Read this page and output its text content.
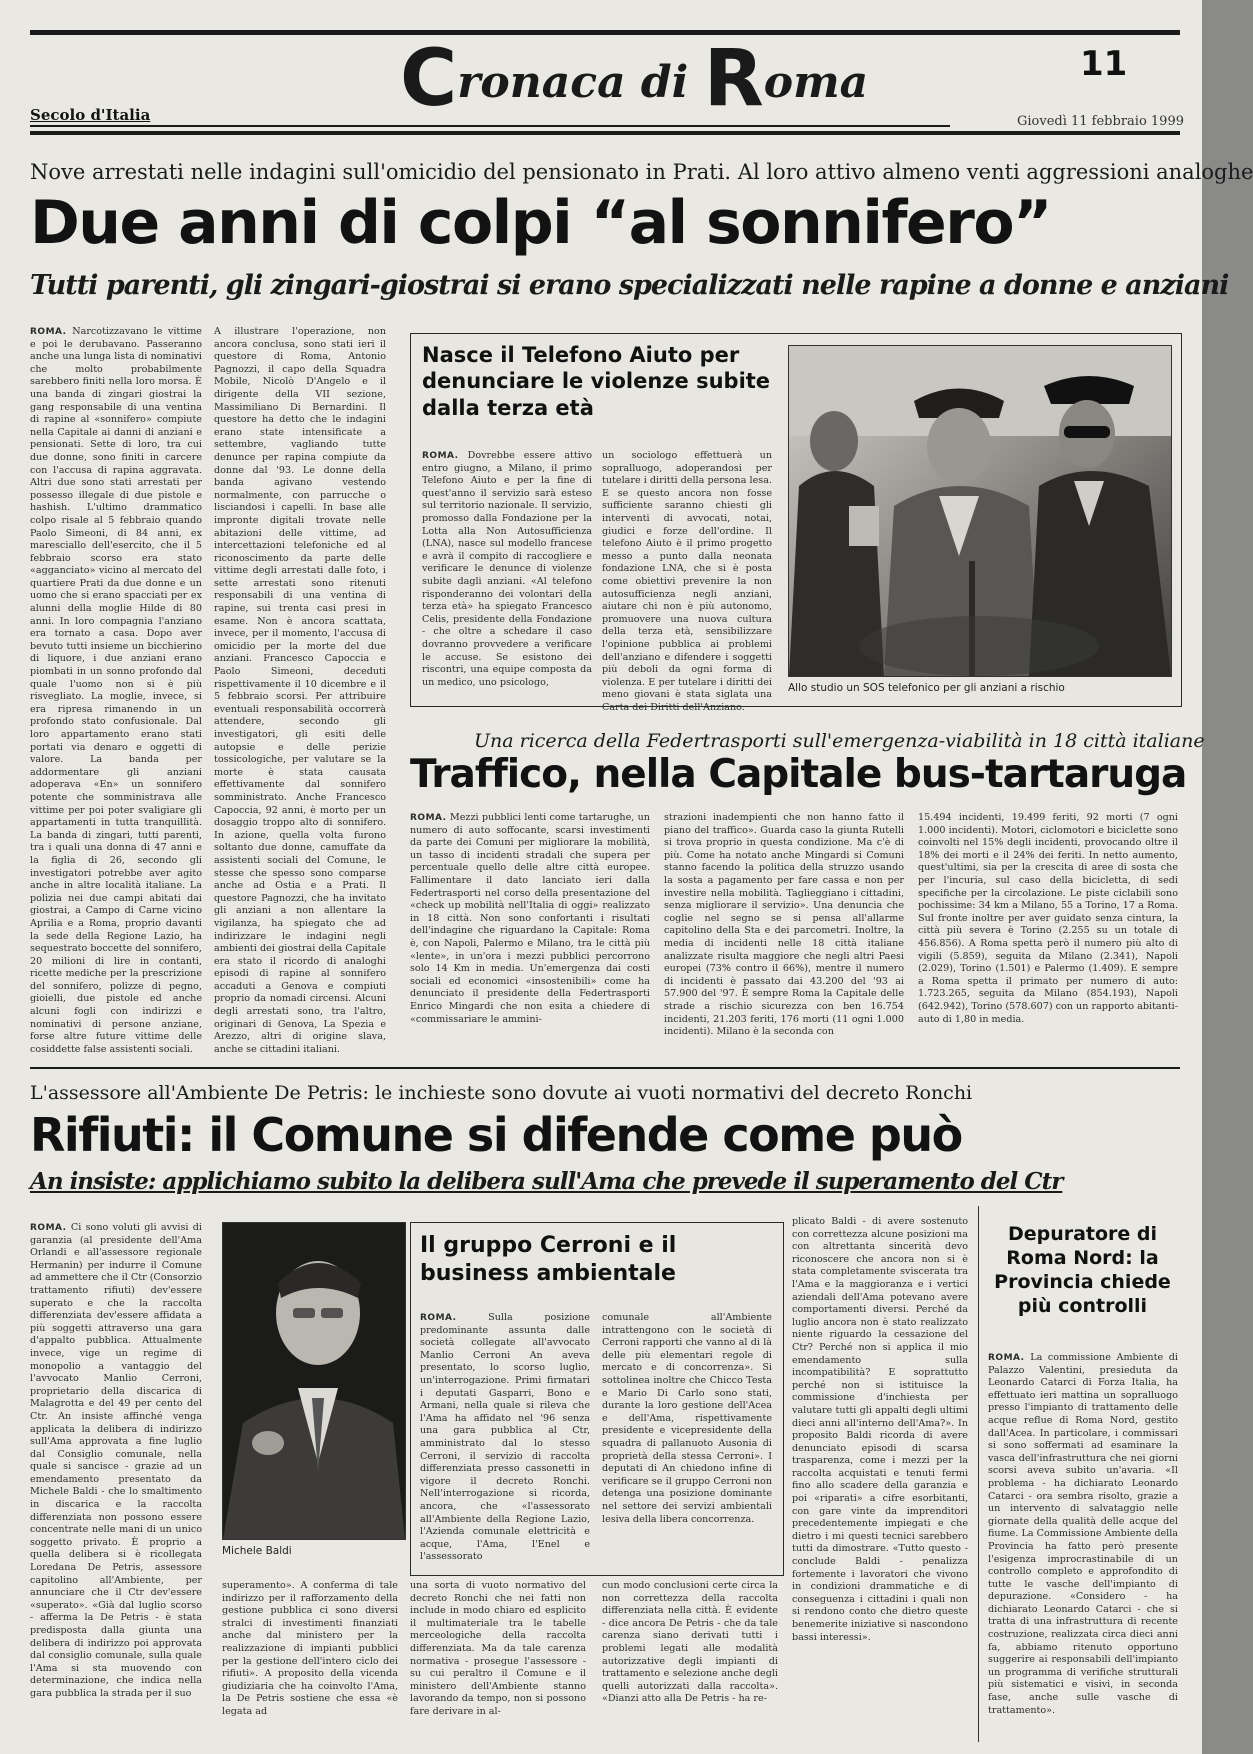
Cronaca di Roma	11
Secolo d'Italia	Giovedì 11 febbraio 1999
Nove arrestati nelle indagini sull'omicidio del pensionato in Prati. Al loro attivo almeno venti aggressioni analoghe
Due anni di colpi “al sonnifero”
Tutti parenti, gli zingari-giostrai si erano specializzati nelle rapine a donne e anziani
ROMA. Narcotizzavano le vittime e poi le derubavano. Passeranno anche una lunga lista di nominativi che molto probabilmente sarebbero finiti nella loro morsa. È una banda di zingari giostrai la gang responsabile di una ventina di rapine al «sonnifero» compiute nella Capitale ai danni di anziani e pensionati. Sette di loro, tra cui due donne, sono finiti in carcere con l'accusa di rapina aggravata. Altri due sono stati arrestati per possesso illegale di due pistole e hashish. L'ultimo drammatico colpo risale al 5 febbraio quando Paolo Simeoni, di 84 anni, ex maresciallo dell'esercito, che il 5 febbraio scorso era stato «agganciato» vicino al mercato del quartiere Prati da due donne e un uomo che si erano spacciati per ex alunni della moglie Hilde di 80 anni. In loro compagnia l'anziano era tornato a casa. Dopo aver bevuto tutti insieme un bicchierino di liquore, i due anziani erano piombati in un sonno profondo dal quale l'uomo non si è più risvegliato. La moglie, invece, si era ripresa rimanendo in un profondo stato confusionale. Dal loro appartamento erano stati portati via denaro e oggetti di valore. La banda per addormentare gli anziani adoperava «En» un sonnifero potente che somministrava alle vittime per poi poter svaligiare gli appartamenti in tutta tranquillità. La banda di zingari, tutti parenti, tra i quali una donna di 47 anni e la figlia di 26, secondo gli investigatori potrebbe aver agito anche in altre località italiane. La polizia nei due campi abitati dai giostrai, a Campo di Carne vicino Aprilia e a Roma, proprio davanti la sede della Regione Lazio, ha sequestrato boccette del sonnifero, 20 milioni di lire in contanti, ricette mediche per la prescrizione del sonnifero, polizze di pegno, gioielli, due pistole ed anche alcuni fogli con indirizzi e nominativi di persone anziane, forse altre future vittime delle cosiddette false assistenti sociali.
A illustrare l'operazione, non ancora conclusa, sono stati ieri il questore di Roma, Antonio Pagnozzi, il capo della Squadra Mobile, Nicolò D'Angelo e il dirigente della VII sezione, Massimiliano Di Bernardini. Il questore ha detto che le indagini erano state intensificate a settembre, vagliando tutte denunce per rapina compiute da donne dal '93. Le donne della banda agivano vestendo normalmente, con parrucche o lisciandosi i capelli. In base alle impronte digitali trovate nelle abitazioni delle vittime, ad intercettazioni telefoniche ed al riconoscimento da parte delle vittime degli arrestati dalle foto, i sette arrestati sono ritenuti responsabili di una ventina di rapine, sui trenta casi presi in esame. Non è ancora scattata, invece, per il momento, l'accusa di omicidio per la morte del due anziani. Francesco Capoccia e Paolo Simeoni, deceduti rispettivamente il 10 dicembre e il 5 febbraio scorsi. Per attribuire eventuali responsabilità occorrerà attendere, secondo gli investigatori, gli esiti delle autopsie e delle perizie tossicologiche, per valutare se la morte è stata causata effettivamente dal sonnifero somministrato. Anche Francesco Capoccia, 92 anni, è morto per un dosaggio troppo alto di sonnifero. In azione, quella volta furono soltanto due donne, camuffate da assistenti sociali del Comune, le stesse che spesso sono comparse anche ad Ostia e a Prati. Il questore Pagnozzi, che ha invitato gli anziani a non allentare la vigilanza, ha spiegato che ad indirizzare le indagini negli ambienti dei giostrai della Capitale era stato il ricordo di analoghi episodi di rapine al sonnifero accaduti a Genova e compiuti proprio da nomadi circensi. Alcuni degli arrestati sono, tra l'altro, originari di Genova, La Spezia e Arezzo, altri di origine slava, anche se cittadini italiani.
Nasce il Telefono Aiuto per denunciare le violenze subite dalla terza età
ROMA. Dovrebbe essere attivo entro giugno, a Milano, il primo Telefono Aiuto e per la fine di quest'anno il servizio sarà esteso sul territorio nazionale. Il servizio, promosso dalla Fondazione per la Lotta alla Non Autosufficienza (LNA), nasce sul modello francese e avrà il compito di raccogliere e verificare le denunce di violenze subite dagli anziani. «Al telefono risponderanno dei volontari della terza età» ha spiegato Francesco Celis, presidente della Fondazione - che oltre a schedare il caso dovranno provvedere a verificare le accuse. Se esistono dei riscontri, una equipe composta da un medico, uno psicologo,
un sociologo effettuerà un sopralluogo, adoperandosi per tutelare i diritti della persona lesa. E se questo ancora non fosse sufficiente saranno chiesti gli interventi di avvocati, notai, giudici e forze dell'ordine. Il telefono Aiuto è il primo progetto messo a punto dalla neonata fondazione LNA, che si è posta come obiettivi prevenire la non autosufficienza negli anziani, aiutare chi non è più autonomo, promuovere una nuova cultura della terza età, sensibilizzare l'opinione pubblica ai problemi dell'anziano e difendere i soggetti più deboli da ogni forma di violenza. E per tutelare i diritti dei meno giovani è stata siglata una Carta dei Diritti dell'Anziano.
Allo studio un SOS telefonico per gli anziani a rischio
Una ricerca della Federtrasporti sull'emergenza-viabilità in 18 città italiane
Traffico, nella Capitale bus-tartaruga
ROMA. Mezzi pubblici lenti come tartarughe, un numero di auto soffocante, scarsi investimenti da parte dei Comuni per migliorare la mobilità, un tasso di incidenti stradali che supera per percentuale quello delle altre città europee. Fallimentare il dato lanciato ieri dalla Federtrasporti nel corso della presentazione del «check up mobilità nell'Italia di oggi» realizzato in 18 città. Non sono confortanti i risultati dell'indagine che riguardano la Capitale: Roma è, con Napoli, Palermo e Milano, tra le città più «lente», in un'ora i mezzi pubblici percorrono solo 14 Km in media. Un'emergenza dai costi sociali ed economici «insostenibili» come ha denunciato il presidente della Federtrasporti Enrico Mingardi che non esita a chiedere di «commissariare le ammini-
strazioni inadempienti che non hanno fatto il piano del traffico». Guarda caso la giunta Rutelli si trova proprio in questa condizione. Ma c'è di più. Come ha notato anche Mingardi si Comuni stanno facendo la politica della struzzo usando la sosta a pagamento per fare cassa e non per investire nella mobilità. Taglieggiano i cittadini, senza migliorare il servizio». Una denuncia che coglie nel segno se si pensa all'allarme capitolino della Sta e dei parcometri. Inoltre, la media di incidenti nelle 18 città italiane analizzate risulta maggiore che negli altri Paesi europei (73% contro il 66%), mentre il numero di incidenti è passato dai 43.200 del '93 ai 57.900 del '97. È sempre Roma la Capitale delle strade a rischio sicurezza con ben 16.754 incidenti, 21.203 feriti, 176 morti (11 ogni 1.000 incidenti). Milano è la seconda con
15.494 incidenti, 19.499 feriti, 92 morti (7 ogni 1.000 incidenti). Motori, ciclomotori e biciclette sono coinvolti nel 15% degli incidenti, provocando oltre il 18% dei morti e il 24% dei feriti. In netto aumento, quest'ultimi, sia per la crescita di aree di sosta che per l'incuria, sul caso della bicicletta, di sedi specifiche per la circolazione. Le piste ciclabili sono pochissime: 34 km a Milano, 55 a Torino, 17 a Roma. Sul fronte inoltre per aver guidato senza cintura, la città più severa è Torino (2.255 su un totale di 456.856). A Roma spetta però il numero più alto di vigili (5.859), seguita da Milano (2.341), Napoli (2.029), Torino (1.501) e Palermo (1.409). E sempre a Roma spetta il primato per numero di auto: 1.723.265, seguita da Milano (854.193), Napoli (642.942), Torino (578.607) con un rapporto abitanti-auto di 1,80 in media.
L'assessore all'Ambiente De Petris: le inchieste sono dovute ai vuoti normativi del decreto Ronchi
Rifiuti: il Comune si difende come può
An insiste: applichiamo subito la delibera sull'Ama che prevede il superamento del Ctr
ROMA. Ci sono voluti gli avvisi di garanzia (al presidente dell'Ama Orlandi e all'assessore regionale Hermanin) per indurre il Comune ad ammettere che il Ctr (Consorzio trattamento rifiuti) dev'essere superato e che la raccolta differenziata dev'essere affidata a più soggetti attraverso una gara d'appalto pubblica. Attualmente invece, vige un regime di monopolio a vantaggio del l'avvocato Manlio Cerroni, proprietario della discarica di Malagrotta e del 49 per cento del Ctr. An insiste affinché venga applicata la delibera di indirizzo sull'Ama approvata a fine luglio dal Consiglio comunale, nella quale si sancisce - grazie ad un emendamento presentato da Michele Baldi - che lo smaltimento in discarica e la raccolta differenziata non possono essere concentrate nelle mani di un unico soggetto privato. È proprio a quella delibera si è ricollegata Loredana De Petris, assessore capitolino all'Ambiente, per annunciare che il Ctr dev'essere «superato». «Già dal luglio scorso - afferma la De Petris - è stata predisposta dalla giunta una delibera di indirizzo poi approvata dal consiglio comunale, sulla quale l'Ama si sta muovendo con determinazione, che indica nella gara pubblica la strada per il suo
Michele Baldi
Il gruppo Cerroni e il business ambientale
ROMA.	Sulla posizione predominante assunta dalle società collegate all'avvocato Manlio Cerroni An aveva presentato, lo scorso luglio, un'interrogazione. Primi firmatari i deputati Gasparri, Bono e Armani, nella quale si rileva che l'Ama ha affidato nel '96 senza una gara pubblica al Ctr, amministrato dal lo stesso Cerroni, il servizio di raccolta differenziata presso cassonetti in vigore il decreto Ronchi. Nell'interrogazione si ricorda, ancora, che «l'assessorato all'Ambiente della Regione Lazio, l'Azienda comunale elettricità e acque, l'Ama, l'Enel e l'assessorato
comunale all'Ambiente intrattengono con le società di Cerroni rapporti che vanno al di là delle più elementari regole di mercato e di concorrenza». Si sottolinea inoltre che Chicco Testa e Mario Di Carlo sono stati, durante la loro gestione dell'Acea e dell'Ama, rispettivamente presidente e vicepresidente della squadra di pallanuoto Ausonia di proprietà della stessa Cerroni». I deputati di An chiedono infine di verificare se il gruppo Cerroni non detenga una posizione dominante nel settore dei servizi ambientali lesiva della libera concorrenza.
superamento». A conferma di tale indirizzo per il rafforzamento della gestione pubblica ci sono diversi stralci di investimenti finanziati anche dal ministero per la realizzazione di impianti pubblici per la gestione dell'intero ciclo dei rifiuti». A proposito della vicenda giudiziaria che ha coinvolto l'Ama, la De Petris sostiene che essa «è legata ad
una sorta di vuoto normativo del decreto Ronchi che nei fatti non include in modo chiaro ed esplicito il multimateriale tra le tabelle merceologiche della raccolta differenziata. Ma da tale carenza normativa - prosegue l'assessore - su cui peraltro il Comune e il ministero dell'Ambiente stanno lavorando da tempo, non si possono fare derivare in al-
cun modo conclusioni certe circa la non correttezza della raccolta differenziata nella città. È evidente - dice ancora De Petris - che da tale carenza siano derivati tutti i problemi legati alle modalità autorizzative degli impianti di trattamento e selezione anche degli quelli autorizzati dalla raccolta». «Dianzi atto alla De Petris - ha re-
plicato Baldi - di avere sostenuto con correttezza alcune posizioni ma con altrettanta sincerità devo riconoscere che ancora non si è stata completamente sviscerata tra l'Ama e la maggioranza e i vertici aziendali dell'Ama potevano avere comportamenti diversi. Perché da luglio ancora non è stato realizzato niente riguardo la cessazione del Ctr? Perché non si applica il mio emendamento sulla incompatibilità? E soprattutto perché non si istituisce la commissione d'inchiesta per valutare tutti gli appalti degli ultimi dieci anni all'interno dell'Ama?». In proposito Baldi ricorda di avere denunciato episodi di scarsa trasparenza, come i mezzi per la raccolta acquistati e tenuti fermi fino allo scadere della garanzia e poi «riparati» a cifre esorbitanti, con gare vinte da imprenditori precedentemente impiegati e che dietro i mi questi tecnici sarebbero tutti da dimostrare. «Tutto questo - conclude Baldi - penalizza fortemente i lavoratori che vivono in condizioni drammatiche e di conseguenza i cittadini i quali non si rendono conto che dietro queste benemerite iniziative si nascondono bassi interessi».
Depuratore di Roma Nord: la Provincia chiede più controlli
ROMA. La commissione Ambiente di Palazzo Valentini, presieduta da Leonardo Catarci di Forza Italia, ha effettuato ieri mattina un sopralluogo presso l'impianto di trattamento delle acque reflue di Roma Nord, gestito dall'Acea. In particolare, i commissari si sono soffermati ad esaminare la vasca dell'infrastruttura che nei giorni scorsi aveva subito un'avaria. «Il problema - ha dichiarato Leonardo Catarci - ora sembra risolto, grazie a un intervento di salvataggio nelle giornate della qualità delle acque del fiume. La Commissione Ambiente della Provincia ha fatto però presente l'esigenza improcrastinabile di un controllo completo e approfondito di tutte le vasche dell'impianto di depurazione. «Considero - ha dichiarato Leonardo Catarci - che si tratta di una infrastruttura di recente costruzione, realizzata circa dieci anni fa, abbiamo ritenuto opportuno suggerire ai responsabili dell'impianto un programma di verifiche strutturali più sistematici e visivi, in seconda fase, anche sulle vasche di trattamento».
